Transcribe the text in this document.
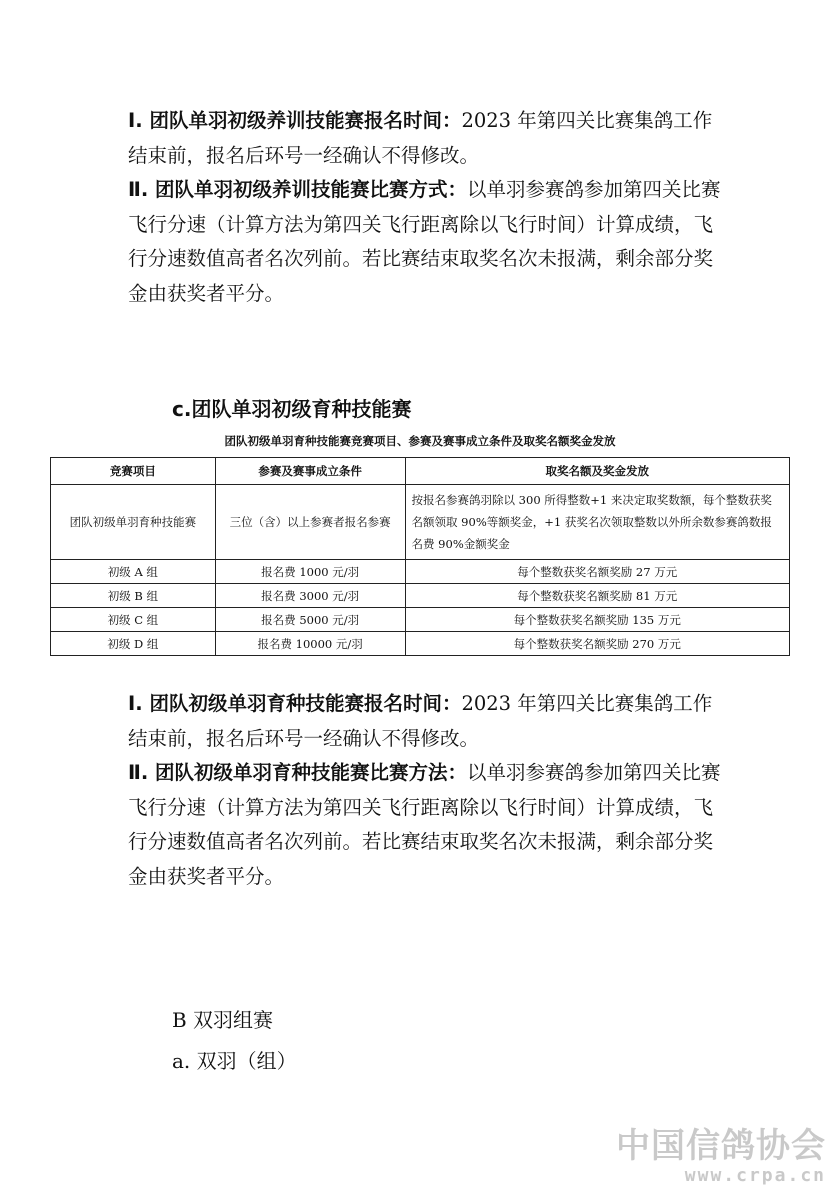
Ⅰ. 团队单羽初级养训技能赛报名时间：2023 年第四关比赛集鸽工作结束前，报名后环号一经确认不得修改。
Ⅱ. 团队单羽初级养训技能赛比赛方式：以单羽参赛鸽参加第四关比赛飞行分速（计算方法为第四关飞行距离除以飞行时间）计算成绩，飞行分速数值高者名次列前。若比赛结束取奖名次未报满，剩余部分奖金由获奖者平分。
c.团队单羽初级育种技能赛
团队初级单羽育种技能赛竞赛项目、参赛及赛事成立条件及取奖名额奖金发放
竞赛项目	参赛及赛事成立条件	取奖名额及奖金发放
团队初级单羽育种技能赛	三位（含）以上参赛者报名参赛	按报名参赛鸽羽除以 300 所得整数+1 来决定取奖数额，每个整数获奖名额领取 90%等额奖金，+1 获奖名次领取整数以外所余数参赛鸽数报名费 90%金额奖金
初级 A 组	报名费 1000 元/羽	每个整数获奖名额奖励 27 万元
初级 B 组	报名费 3000 元/羽	每个整数获奖名额奖励 81 万元
初级 C 组	报名费 5000 元/羽	每个整数获奖名额奖励 135 万元
初级 D 组	报名费 10000 元/羽	每个整数获奖名额奖励 270 万元
Ⅰ. 团队初级单羽育种技能赛报名时间：2023 年第四关比赛集鸽工作结束前，报名后环号一经确认不得修改。
Ⅱ. 团队初级单羽育种技能赛比赛方法：以单羽参赛鸽参加第四关比赛飞行分速（计算方法为第四关飞行距离除以飞行时间）计算成绩，飞行分速数值高者名次列前。若比赛结束取奖名次未报满，剩余部分奖金由获奖者平分。
B 双羽组赛
a. 双羽（组）
中国信鸽协会
www.crpa.cn
